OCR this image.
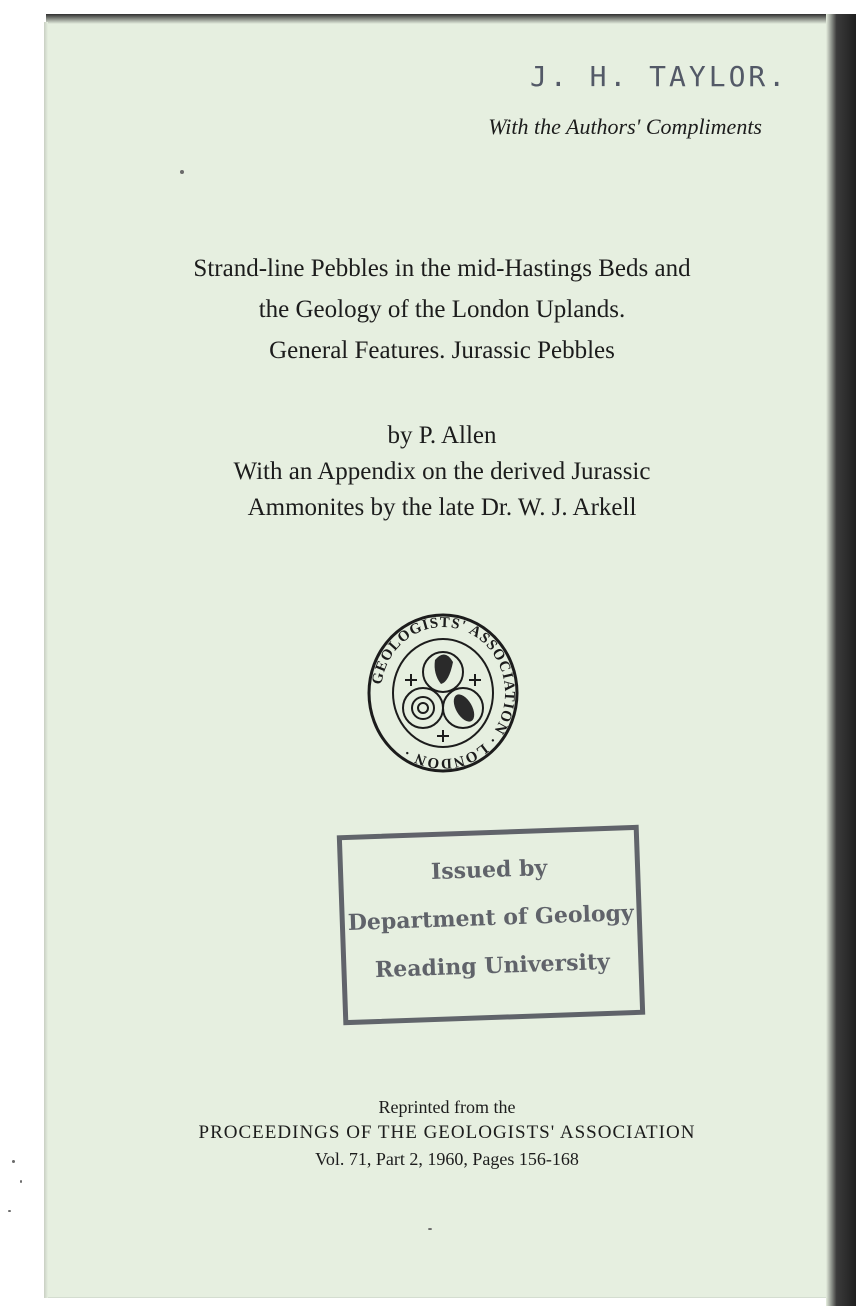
J. H. TAYLOR.
With the Authors' Compliments
Strand-line Pebbles in the mid-Hastings Beds and
the Geology of the London Uplands.
General Features. Jurassic Pebbles
by P. Allen
With an Appendix on the derived Jurassic
Ammonites by the late Dr. W. J. Arkell
GEOLOGISTS' ASSOCIATION · LONDON ·
Issued by
Department of Geology
Reading University
Reprinted from the
PROCEEDINGS OF THE GEOLOGISTS' ASSOCIATION
Vol. 71, Part 2, 1960, Pages 156-168
